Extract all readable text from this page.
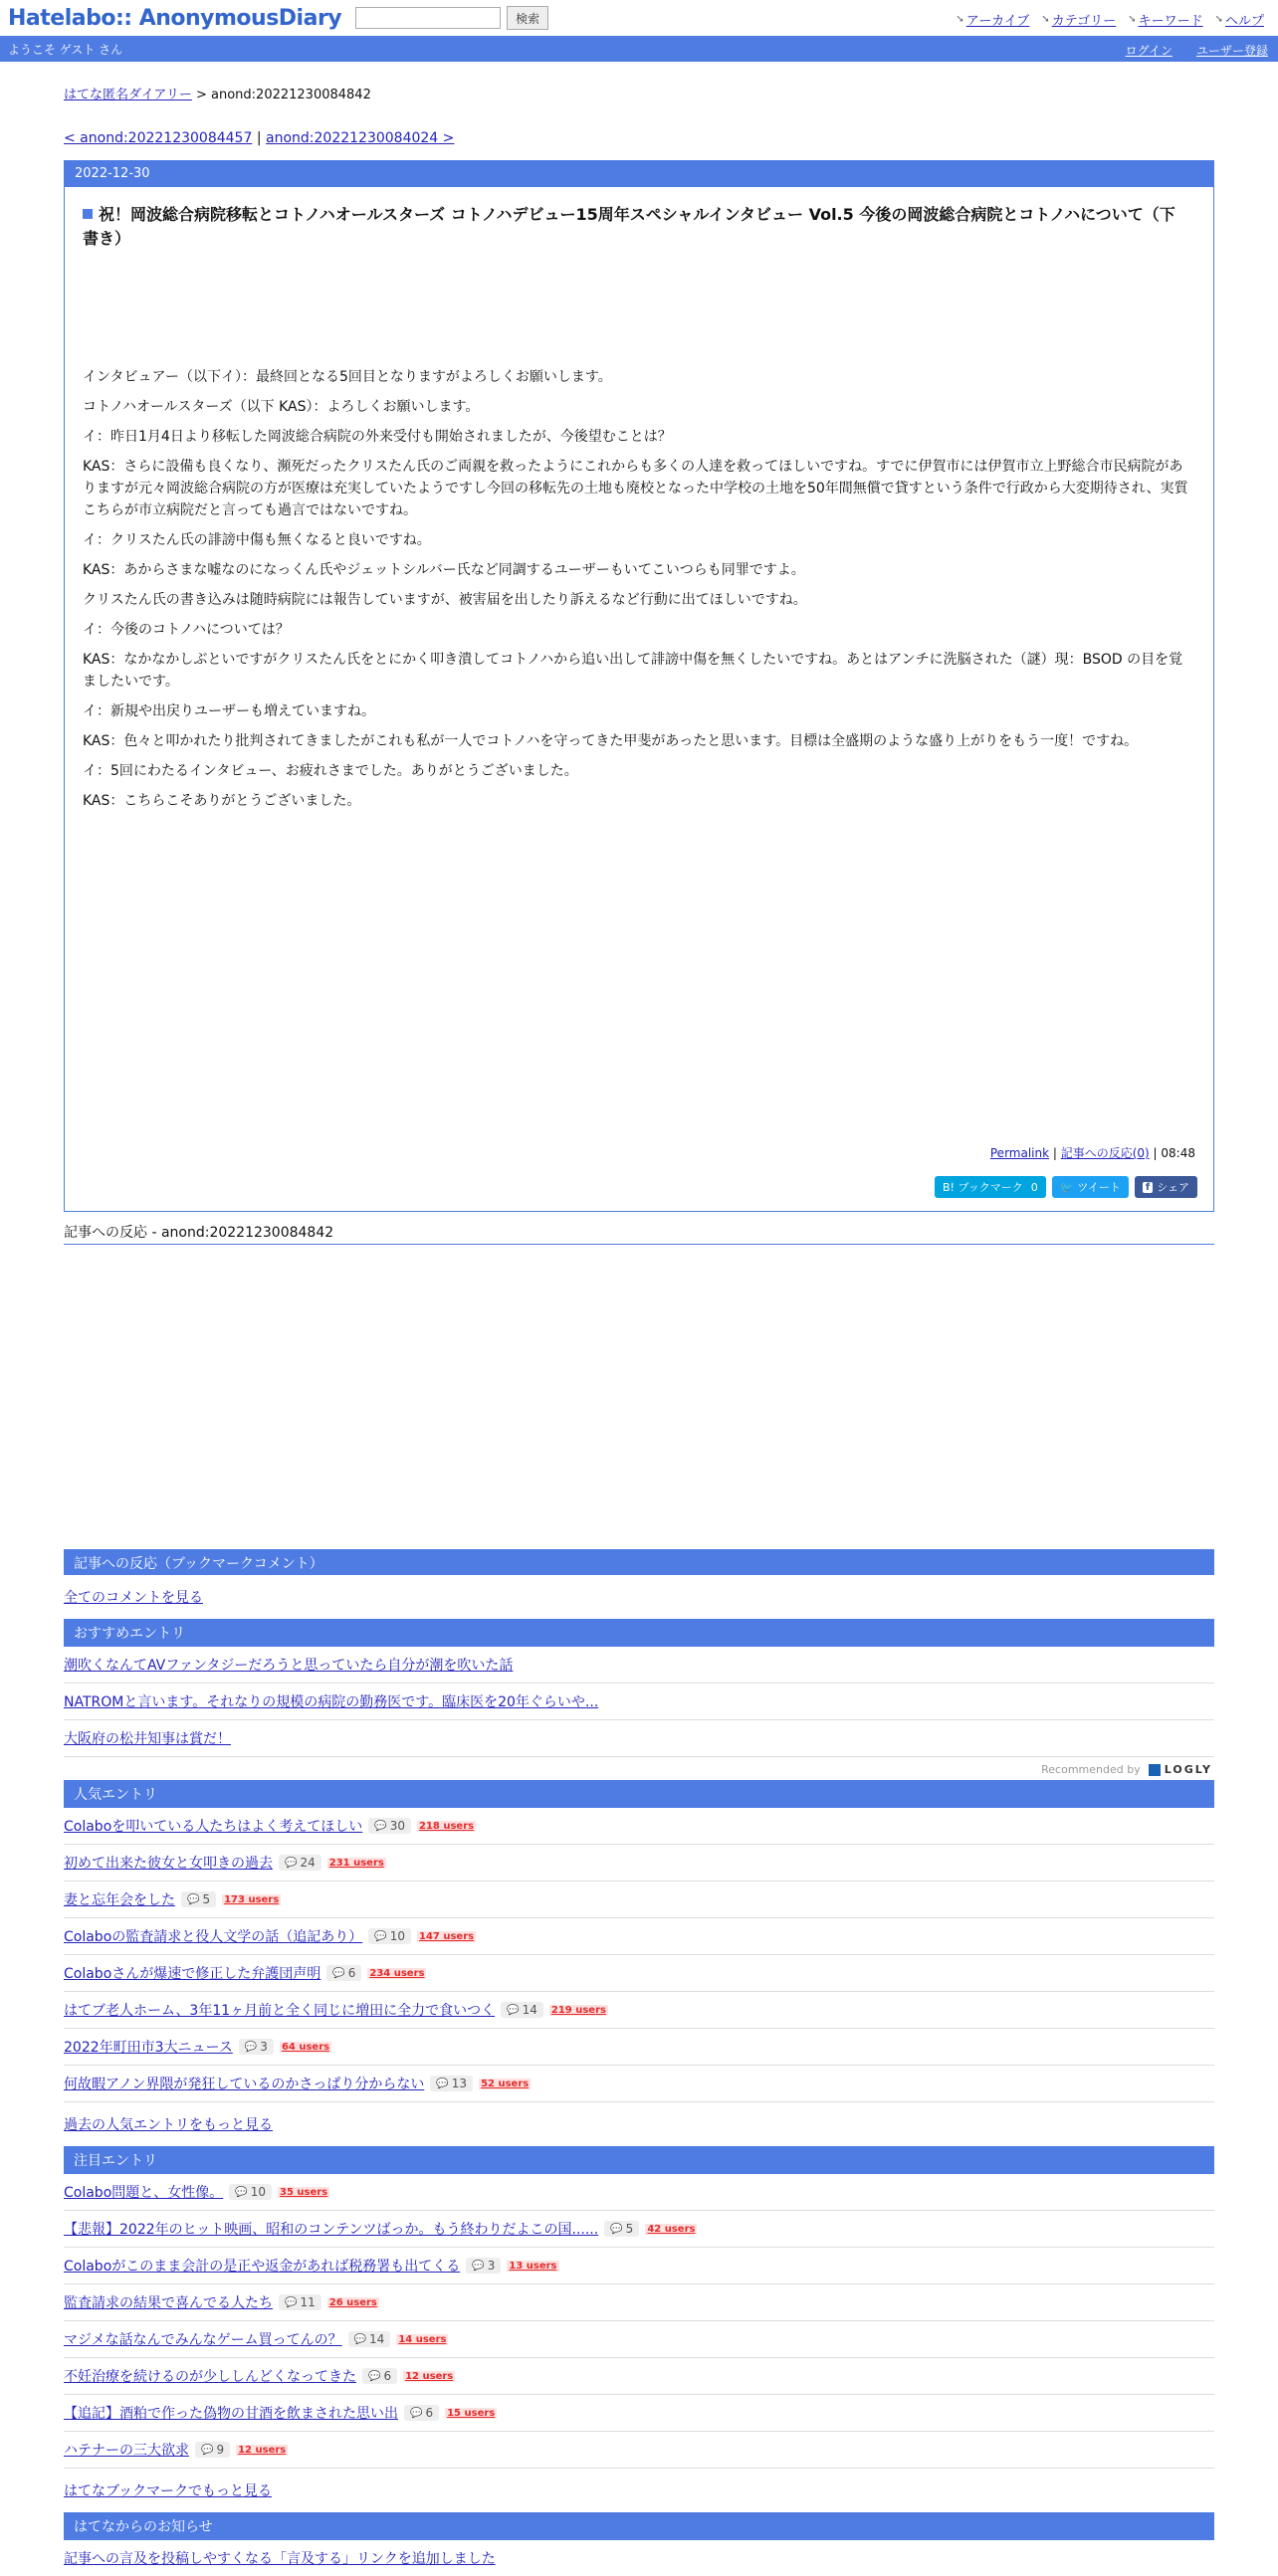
Hatelabo:: AnonymousDiary	検索	➘ アーカイブ ➘ カテゴリー ➘ キーワード ➘ ヘルプ
ようこそ ゲスト さん	ログイン ユーザー登録
はてな匿名ダイアリー > anond:20221230084842
< anond:20221230084457 | anond:20221230084024 >
2022-12-30
祝！岡波総合病院移転とコトノハオールスターズ コトノハデビュー15周年スペシャルインタビュー Vol.5 今後の岡波総合病院とコトノハについて（下書き）

インタビュアー（以下イ）：最終回となる5回目となりますがよろしくお願いします。

コトノハオールスターズ（以下 KAS）：よろしくお願いします。

イ：昨日1月4日より移転した岡波総合病院の外来受付も開始されましたが、今後望むことは？

KAS：さらに設備も良くなり、瀕死だったクリスたん氏のご両親を救ったようにこれからも多くの人達を救ってほしいですね。すでに伊賀市には伊賀市立上野総合市民病院がありますが元々岡波総合病院の方が医療は充実していたようですし今回の移転先の土地も廃校となった中学校の土地を50年間無償で貸すという条件で行政から大変期待され、実質こちらが市立病院だと言っても過言ではないですね。

イ：クリスたん氏の誹謗中傷も無くなると良いですね。

KAS：あからさまな嘘なのになっくん氏やジェットシルバー氏など同調するユーザーもいてこいつらも同罪ですよ。

クリスたん氏の書き込みは随時病院には報告していますが、被害届を出したり訴えるなど行動に出てほしいですね。

イ：今後のコトノハについては？

KAS：なかなかしぶといですがクリスたん氏をとにかく叩き潰してコトノハから追い出して誹謗中傷を無くしたいですね。あとはアンチに洗脳された（謎）現：BSOD の目を覚ましたいです。

イ：新規や出戻りユーザーも増えていますね。

KAS：色々と叩かれたり批判されてきましたがこれも私が一人でコトノハを守ってきた甲斐があったと思います。目標は全盛期のような盛り上がりをもう一度！ですね。

イ：5回にわたるインタビュー、お疲れさまでした。ありがとうございました。

KAS：こちらこそありがとうございました。

Permalink | 記事への反応(0) | 08:48
B! ブックマーク 0 🐦 ツイート	f シェア
記事への反応 - anond:20221230084842
記事への反応（ブックマークコメント）
全てのコメントを見る
おすすめエントリ
潮吹くなんてAVファンタジーだろうと思っていたら自分が潮を吹いた話
NATROMと言います。それなりの規模の病院の勤務医です。臨床医を20年ぐらいや...
大阪府の松井知事は賞だ！
Recommended by LOGLY
人気エントリ
Colaboを叩いている人たちはよく考えてほしい 💬 30 218 users
初めて出来た彼女と女叩きの過去 💬 24 231 users
妻と忘年会をした 💬 5 173 users
Colaboの監査請求と役人文学の話（追記あり） 💬 10 147 users
Colaboさんが爆速で修正した弁護団声明 💬 6 234 users
はてブ老人ホーム、3年11ヶ月前と全く同じに増田に全力で食いつく 💬 14 219 users
2022年町田市3大ニュース 💬 3 64 users
何故暇アノン界隈が発狂しているのかさっぱり分からない 💬 13 52 users
過去の人気エントリをもっと見る
注目エントリ
Colabo問題と、女性像。 💬 10 35 users
【悲報】2022年のヒット映画、昭和のコンテンツばっか。もう終わりだよこの国...... 💬 5 42 users
Colaboがこのまま会計の是正や返金があれば税務署も出てくる 💬 3 13 users
監査請求の結果で喜んでる人たち 💬 11 26 users
マジメな話なんでみんなゲーム買ってんの？ 💬 14 14 users
不妊治療を続けるのが少ししんどくなってきた 💬 6 12 users
【追記】酒粕で作った偽物の甘酒を飲まされた思い出 💬 6 15 users
ハテナーの三大欲求 💬 9 12 users
はてなブックマークでもっと見る
はてなからのお知らせ
記事への言及を投稿しやすくなる「言及する」リンクを追加しました
